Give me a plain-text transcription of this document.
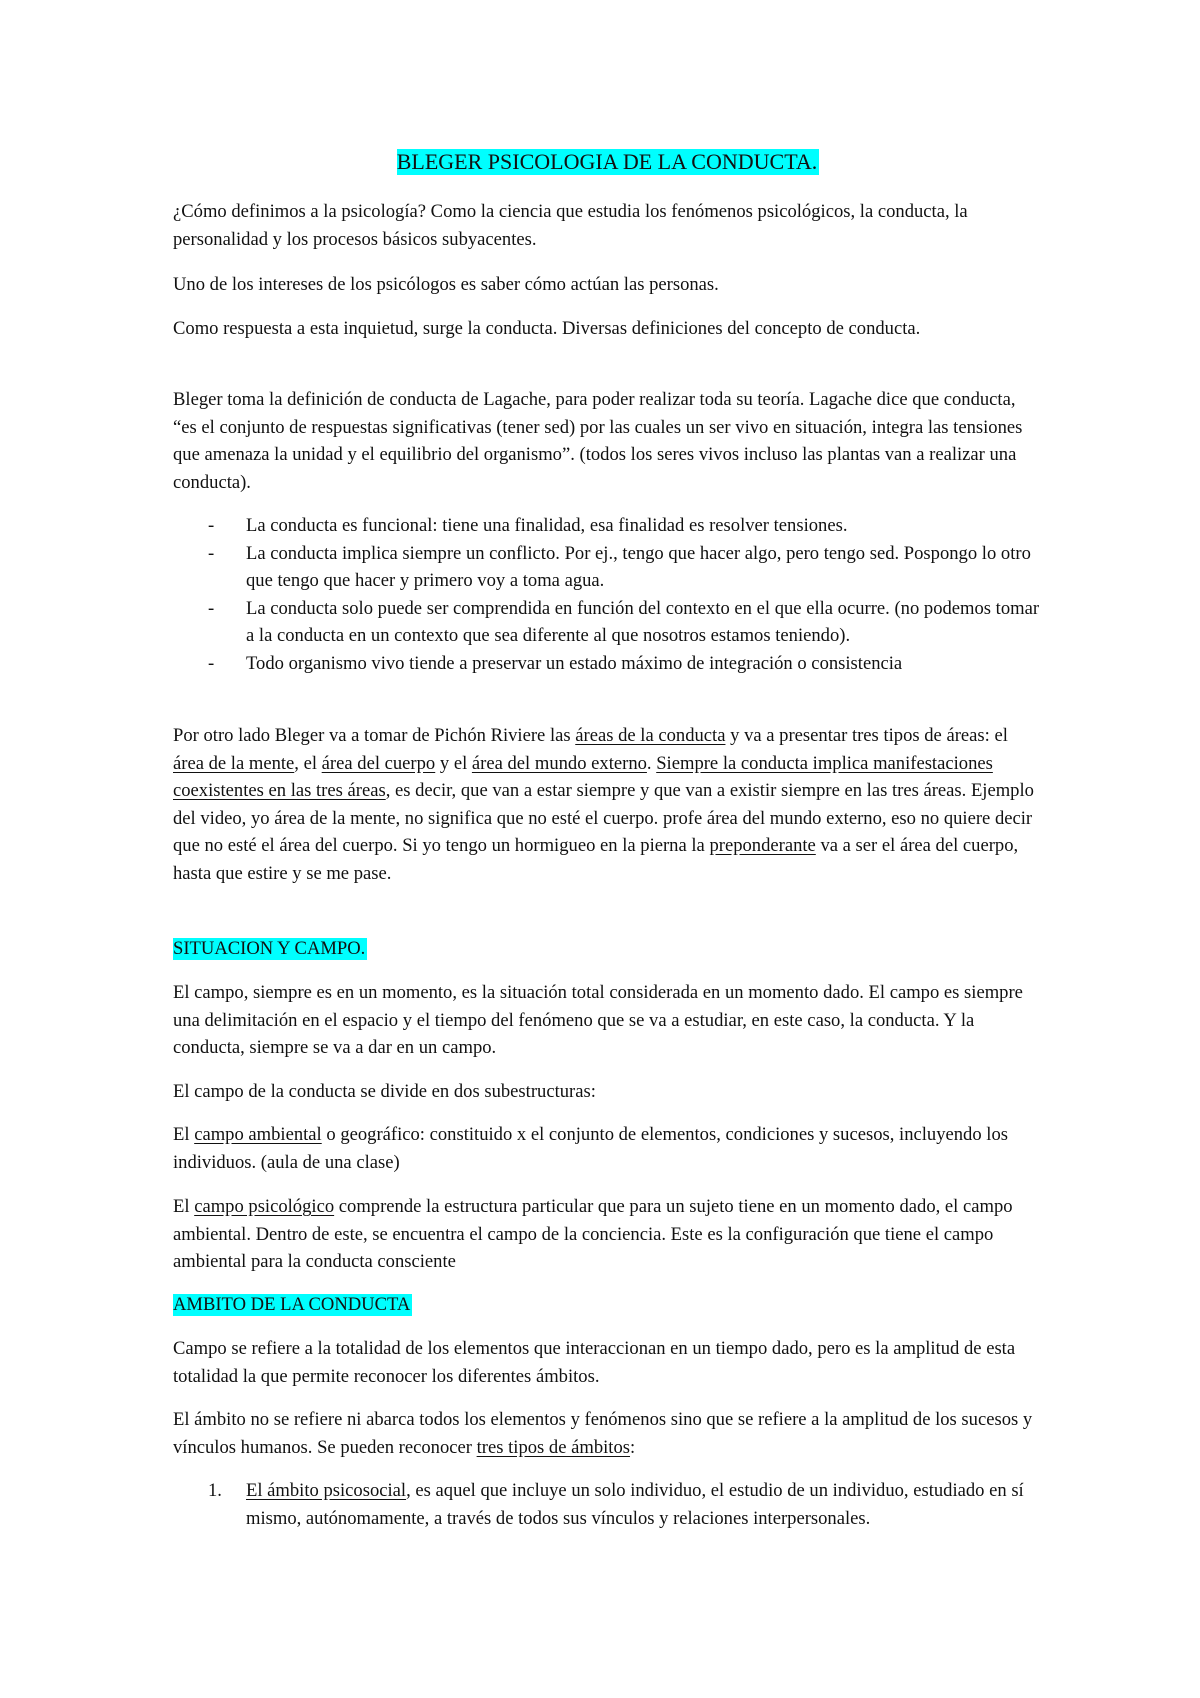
BLEGER PSICOLOGIA DE LA CONDUCTA.

¿Cómo definimos a la psicología? Como la ciencia que estudia los fenómenos psicológicos, la conducta, la personalidad y los procesos básicos subyacentes.

Uno de los intereses de los psicólogos es saber cómo actúan las personas.

Como respuesta a esta inquietud, surge la conducta. Diversas definiciones del concepto de conducta.

Bleger toma la definición de conducta de Lagache, para poder realizar toda su teoría. Lagache dice que conducta, “es el conjunto de respuestas significativas (tener sed) por las cuales un ser vivo en situación, integra las tensiones que amenaza la unidad y el equilibrio del organismo”. (todos los seres vivos incluso las plantas van a realizar una conducta).

- La conducta es funcional: tiene una finalidad, esa finalidad es resolver tensiones.
- La conducta implica siempre un conflicto. Por ej., tengo que hacer algo, pero tengo sed. Pospongo lo otro que tengo que hacer y primero voy a toma agua.
- La conducta solo puede ser comprendida en función del contexto en el que ella ocurre. (no podemos tomar a la conducta en un contexto que sea diferente al que nosotros estamos teniendo).
- Todo organismo vivo tiende a preservar un estado máximo de integración o consistencia

Por otro lado Bleger va a tomar de Pichón Riviere las áreas de la conducta y va a presentar tres tipos de áreas: el área de la mente, el área del cuerpo y el área del mundo externo. Siempre la conducta implica manifestaciones coexistentes en las tres áreas, es decir, que van a estar siempre y que van a existir siempre en las tres áreas. Ejemplo del video, yo área de la mente, no significa que no esté el cuerpo. profe área del mundo externo, eso no quiere decir que no esté el área del cuerpo. Si yo tengo un hormigueo en la pierna la preponderante va a ser el área del cuerpo, hasta que estire y se me pase.

SITUACION Y CAMPO.

El campo, siempre es en un momento, es la situación total considerada en un momento dado. El campo es siempre una delimitación en el espacio y el tiempo del fenómeno que se va a estudiar, en este caso, la conducta. Y la conducta, siempre se va a dar en un campo.

El campo de la conducta se divide en dos subestructuras:

El campo ambiental o geográfico: constituido x el conjunto de elementos, condiciones y sucesos, incluyendo los individuos. (aula de una clase)

El campo psicológico comprende la estructura particular que para un sujeto tiene en un momento dado, el campo ambiental. Dentro de este, se encuentra el campo de la conciencia. Este es la configuración que tiene el campo ambiental para la conducta consciente

AMBITO DE LA CONDUCTA

Campo se refiere a la totalidad de los elementos que interaccionan en un tiempo dado, pero es la amplitud de esta totalidad la que permite reconocer los diferentes ámbitos.

El ámbito no se refiere ni abarca todos los elementos y fenómenos sino que se refiere a la amplitud de los sucesos y vínculos humanos. Se pueden reconocer tres tipos de ámbitos:

1. El ámbito psicosocial, es aquel que incluye un solo individuo, el estudio de un individuo, estudiado en sí mismo, autónomamente, a través de todos sus vínculos y relaciones interpersonales.
